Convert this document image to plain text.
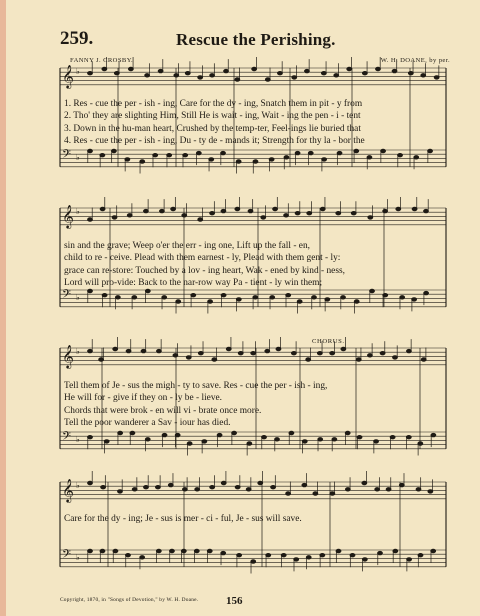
259.	Rescue the Perishing.
FANNY J. CROSBY.	W. H. DOANE, by per.
𝄞 ♭
𝄢 ♭
𝄞 ♭
𝄢 ♭
𝄞 ♭
𝄢 ♭
𝄞 ♭
𝄢 ♭
1. Res - cue the per - ish - ing, Care for the dy - ing, Snatch them in pit - y from
2. Tho' they are slighting Him, Still He is wait - ing, Wait - ing the pen - i - tent
3. Down in the hu-man heart, Crushed by the temp-ter, Feel-ings lie buried that
4. Res - cue the per - ish - ing, Du - ty de - mands it; Strength for thy la - bor the
sin and the grave; Weep o'er the err - ing one, Lift up the fall - en,
child to re - ceive. Plead with them earnest - ly, Plead with them gent - ly:
grace can re-store: Touched by a lov - ing heart, Wak - ened by kind - ness,
Lord will pro-vide: Back to the nar-row way Pa - tient - ly win them;
CHORUS.
Tell them of Je - sus the migh - ty to save. Res - cue the per - ish - ing,
He will for - give if they on - ly be - lieve.
Chords that were brok - en will vi - brate once more.
Tell the poor wanderer a Sav - iour has died.
Care for the dy - ing; Je - sus is mer - ci - ful, Je - sus will save.
Copyright, 1870, in "Songs of Devotion," by W. H. Doane.	156
